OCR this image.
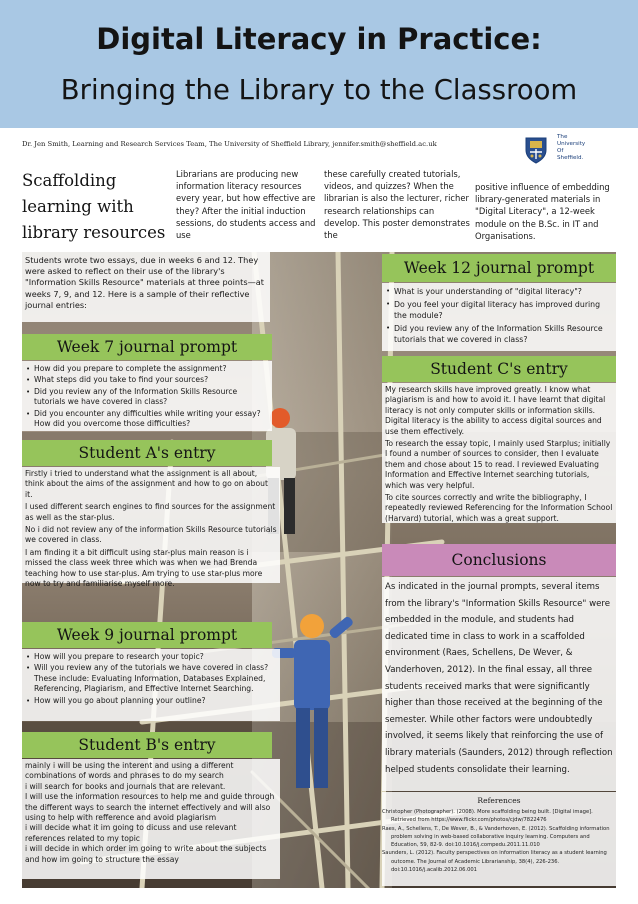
Digital Literacy in Practice:
Bringing the Library to the Classroom
Dr. Jen Smith, Learning and Research Services Team, The University of Sheffield Library, jennifer.smith@sheffield.ac.uk
The
University
Of
Sheffield.
Scaffolding learning with library resources
Librarians are producing new information literacy resources every year, but how effective are they? After the initial induction sessions, do students access and use
these carefully created tutorials, videos, and quizzes? When the librarian is also the lecturer, richer research relationships can develop. This poster demonstrates the
positive influence of embedding library-generated materials in "Digital Literacy", a 12-week module on the B.Sc. in IT and Organisations.
Students wrote two essays, due in weeks 6 and 12. They were asked to reflect on their use of the library's "Information Skills Resource" materials at three points—at weeks 7, 9, and 12. Here is a sample of their reflective journal entries:
Week 7 journal prompt
• How did you prepare to complete the assignment?
• What steps did you take to find your sources?
• Did you review any of the Information Skills Resource tutorials we have covered in class?
• Did you encounter any difficulties while writing your essay? How did you overcome those difficulties?
Student A's entry

Firstly i tried to understand what the assignment is all about, think about the aims of the assignment and how to go on about it.

I used different search engines to find sources for the assignment as well as the star-plus.

No i did not review any of the information Skills Resource tutorials we covered in class.

I am finding it a bit difficult using star-plus main reason is i missed the class week three which was when we had Brenda teaching how to use star-plus. Am trying to use star-plus more now to try and familiarise myself more.

Week 9 journal prompt
• How will you prepare to research your topic?
• Will you review any of the tutorials we have covered in class? These include: Evaluating Information, Databases Explained, Referencing, Plagiarism, and Effective Internet Searching.
• How will you go about planning your outline?
Student B's entry

mainly i will be using the interent and using a different combinations of words and phrases to do my search

i will search for books and journals that are relevant.

I will use the information resources to help me and guide through the different ways to search the internet effectively and will also using to help with refference and avoid plagiarism

i will decide what it im going to dicuss and use relevant references related to my topic

i will decide in which order im going to write about the subjects and how im going to structure the essay

Week 12 journal prompt
• What is your understanding of "digital literacy"?
• Do you feel your digital literacy has improved during the module?
• Did you review any of the Information Skills Resource tutorials that we covered in class?
Student C's entry

My research skills have improved greatly. I know what plagiarism is and how to avoid it. I have learnt that digital literacy is not only computer skills or information skills. Digital literacy is the ability to access digital sources and use them effectively.

To research the essay topic, I mainly used Starplus; initially I found a number of sources to consider, then I evaluate them and chose about 15 to read. I reviewed Evaluating Information and Effective Internet searching tutorials, which was very helpful.

To cite sources correctly and write the bibliography, I repeatedly reviewed Referencing for the Information School (Harvard) tutorial, which was a great support.

Conclusions
As indicated in the journal prompts, several items from the library's "Information Skills Resource" were embedded in the module, and students had dedicated time in class to work in a scaffolded environment (Raes, Schellens, De Wever, & Vanderhoven, 2012). In the final essay, all three students received marks that were significantly higher than those received at the beginning of the semester. While other factors were undoubtedly involved, it seems likely that reinforcing the use of library materials (Saunders, 2012) through reflection helped students consolidate their learning.
References

Christopher (Photographer). (2008). More scaffolding being built. [Digital image]. Retrieved from https://www.flickr.com/photos/cjdw/7822476

Raes, A., Schellens, T., De Wever, B., & Vanderhoven, E. (2012). Scaffolding information problem solving in web-based collaborative inquiry learning. Computers and Education, 59, 82-9. doi:10.1016/j.compedu.2011.11.010

Saunders, L. (2012). Faculty perspectives on information literacy as a student learning outcome. The Journal of Academic Librarianship, 38(4), 226-236. doi:10.1016/j.acalib.2012.06.001
